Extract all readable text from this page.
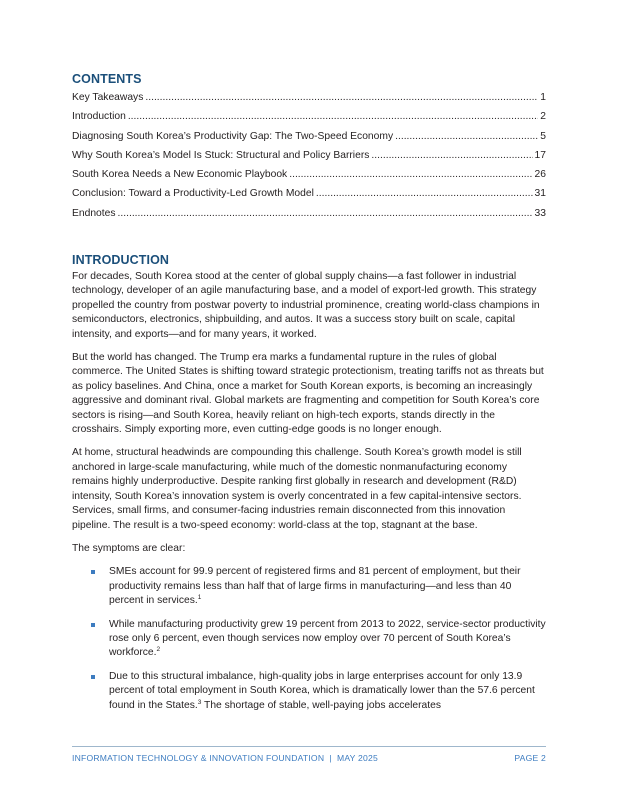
CONTENTS
Key Takeaways .....	1
Introduction .....	2
Diagnosing South Korea’s Productivity Gap: The Two-Speed Economy .....	5
Why South Korea’s Model Is Stuck: Structural and Policy Barriers .....	17
South Korea Needs a New Economic Playbook .....	26
Conclusion: Toward a Productivity-Led Growth Model .....	31
Endnotes .....	33
INTRODUCTION

For decades, South Korea stood at the center of global supply chains—a fast follower in industrial technology, developer of an agile manufacturing base, and a model of export-led growth. This strategy propelled the country from postwar poverty to industrial prominence, creating world-class champions in semiconductors, electronics, shipbuilding, and autos. It was a success story built on scale, capital intensity, and exports—and for many years, it worked.

But the world has changed. The Trump era marks a fundamental rupture in the rules of global commerce. The United States is shifting toward strategic protectionism, treating tariffs not as threats but as policy baselines. And China, once a market for South Korean exports, is becoming an increasingly aggressive and dominant rival. Global markets are fragmenting and competition for South Korea’s core sectors is rising—and South Korea, heavily reliant on high-tech exports, stands directly in the crosshairs. Simply exporting more, even cutting-edge goods is no longer enough.

At home, structural headwinds are compounding this challenge. South Korea’s growth model is still anchored in large-scale manufacturing, while much of the domestic nonmanufacturing economy remains highly underproductive. Despite ranking first globally in research and development (R&D) intensity, South Korea’s innovation system is overly concentrated in a few capital-intensive sectors. Services, small firms, and consumer-facing industries remain disconnected from this innovation pipeline. The result is a two-speed economy: world-class at the top, stagnant at the base.

The symptoms are clear:

SMEs account for 99.9 percent of registered firms and 81 percent of employment, but their productivity remains less than half that of large firms in manufacturing—and less than 40 percent in services.$^1$
While manufacturing productivity grew 19 percent from 2013 to 2022, service-sector productivity rose only 6 percent, even though services now employ over 70 percent of South Korea’s workforce.$^2$
Due to this structural imbalance, high-quality jobs in large enterprises account for only 13.9 percent of total employment in South Korea, which is dramatically lower than the 57.6 percent found in the States.$^3$ The shortage of stable, well-paying jobs accelerates
INFORMATION TECHNOLOGY & INNOVATION FOUNDATION  |  MAY 2025	PAGE 2
